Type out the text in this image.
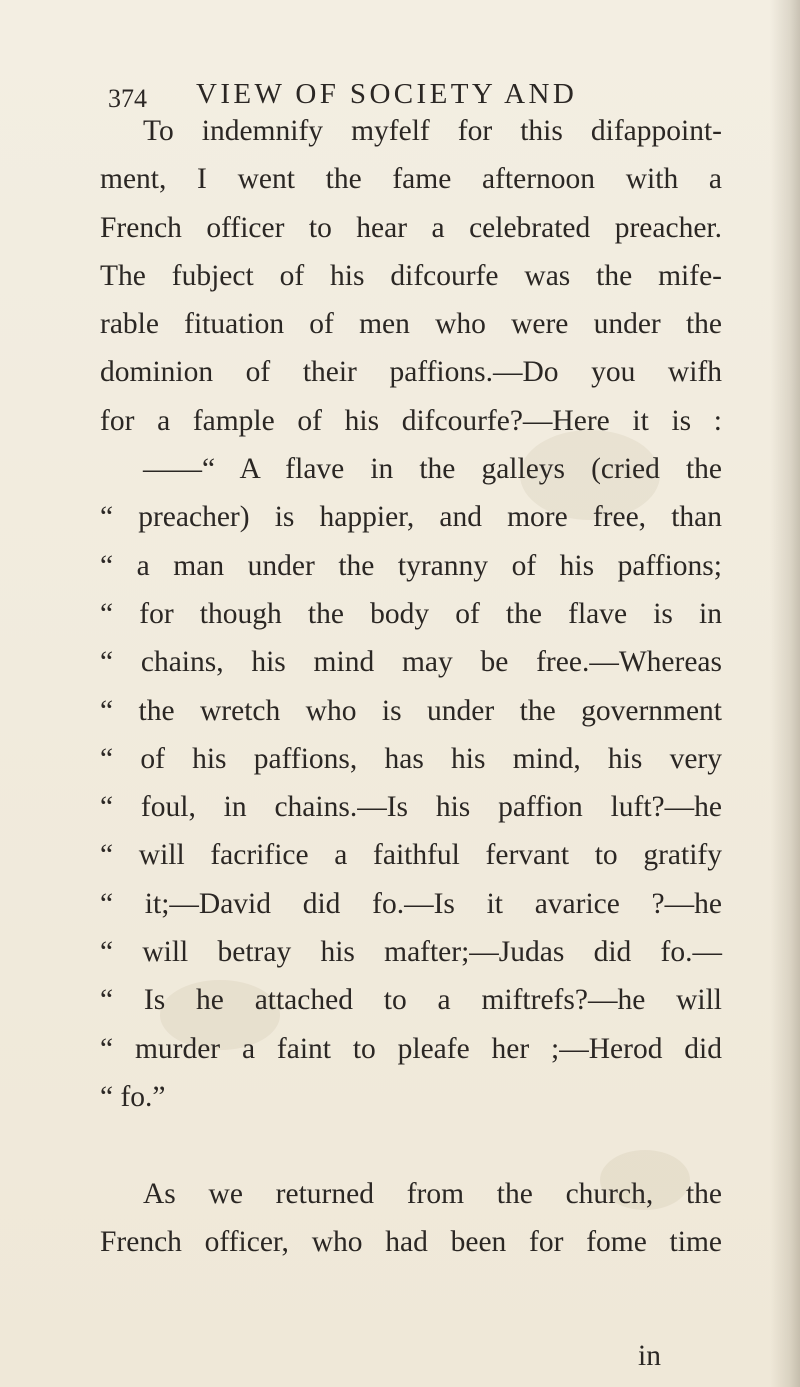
374 VIEW OF SOCIETY AND
To indemnify myfelf for this difappoint-
ment, I went the fame afternoon with a
French officer to hear a celebrated preacher.
The fubject of his difcourfe was the mife-
rable fituation of men who were under the
dominion of their paffions.—Do you wifh
for a fample of his difcourfe?—Here it is :
——“ A flave in the galleys (cried the
“ preacher) is happier, and more free, than
“ a man under the tyranny of his paffions;
“ for though the body of the flave is in
“ chains, his mind may be free.—Whereas
“ the wretch who is under the government
“ of his paffions, has his mind, his very
“ foul, in chains.—Is his paffion luft?—he
“ will facrifice a faithful fervant to gratify
“ it;—David did fo.—Is it avarice ?—he
“ will betray his mafter;—Judas did fo.—
“ Is he attached to a miftrefs?—he will
“ murder a faint to pleafe her ;—Herod did
“ fo.”
As we returned from the church, the
French officer, who had been for fome time
in
